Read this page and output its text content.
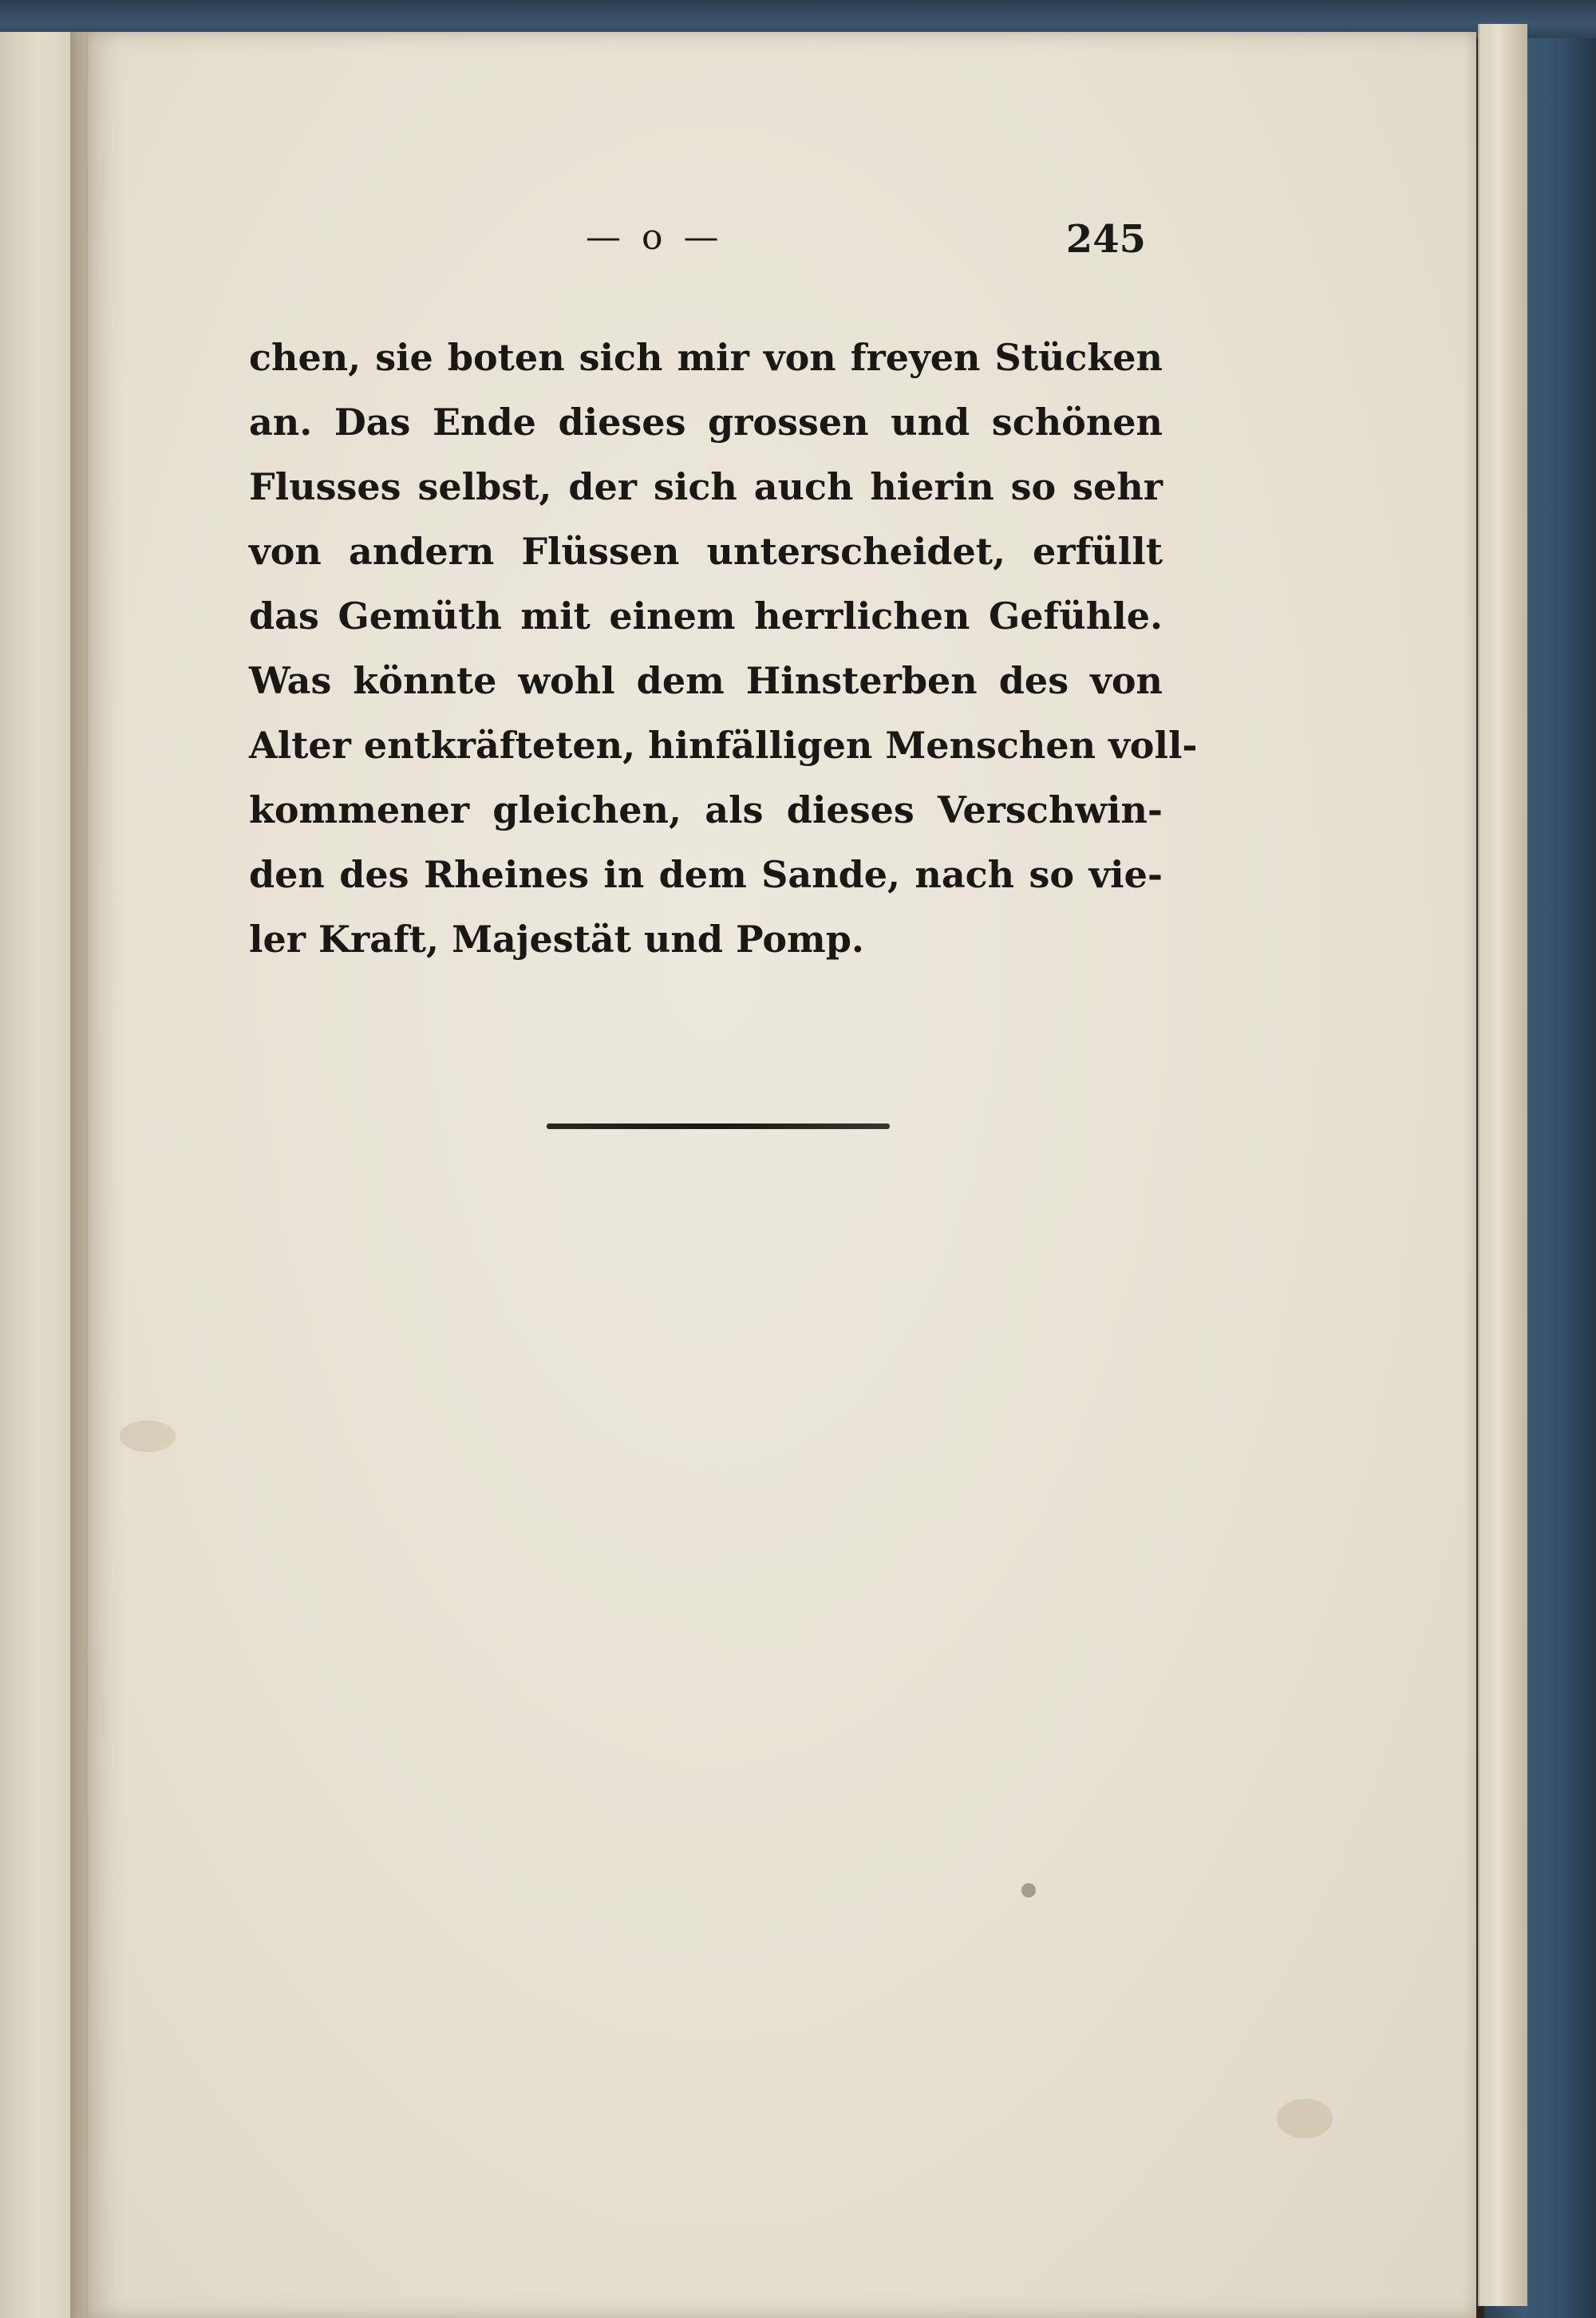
— o —	245
chen, sie boten sich mir von freyen Stücken
an. Das Ende dieses grossen und schönen
Flusses selbst, der sich auch hierin so sehr
von andern Flüssen unterscheidet, erfüllt
das Gemüth mit einem herrlichen Gefühle.
Was könnte wohl dem Hinsterben des von
Alter entkräfteten, hinfälligen Menschen voll-
kommener gleichen, als dieses Verschwin-
den des Rheines in dem Sande, nach so vie-
ler Kraft, Majestät und Pomp.
